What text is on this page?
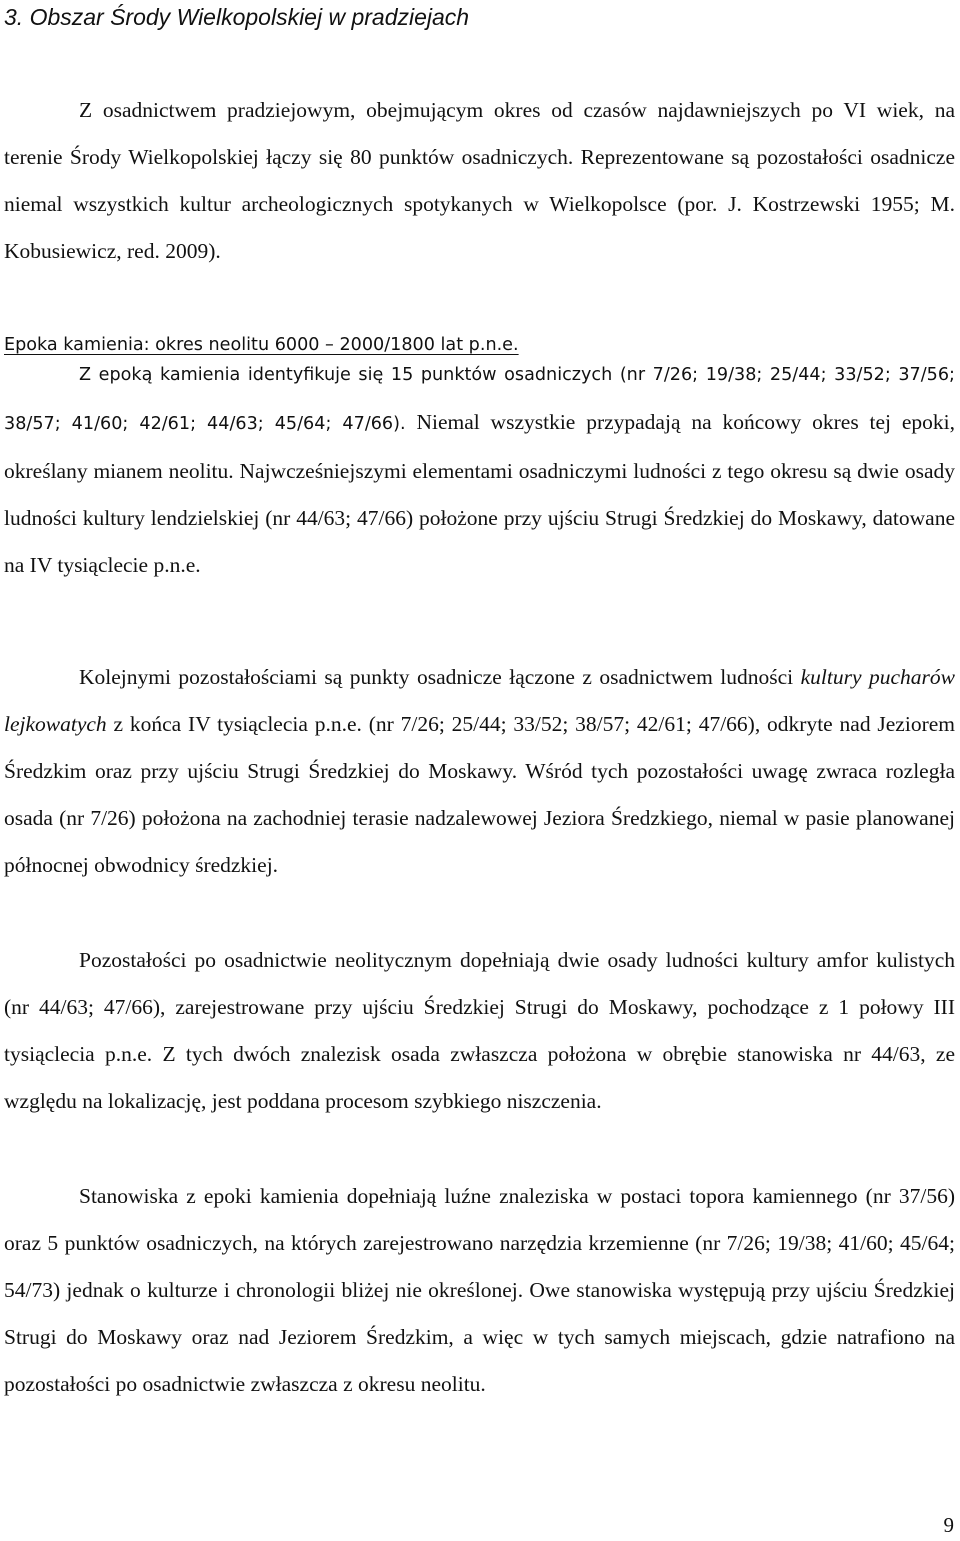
3. Obszar Środy Wielkopolskiej w pradziejach

Z osadnictwem pradziejowym, obejmującym okres od czasów najdawniejszych po VI wiek, na terenie Środy Wielkopolskiej łączy się 80 punktów osadniczych. Reprezentowane są pozostałości osadnicze niemal wszystkich kultur archeologicznych spotykanych w Wielkopolsce (por. J. Kostrzewski 1955; M. Kobusiewicz, red. 2009).

Epoka kamienia: okres neolitu 6000 – 2000/1800 lat p.n.e.

Z epoką kamienia identyfikuje się 15 punktów osadniczych (nr 7/26; 19/38; 25/44; 33/52; 37/56; 38/57; 41/60; 42/61; 44/63; 45/64; 47/66). Niemal wszystkie przypadają na końcowy okres tej epoki, określany mianem neolitu. Najwcześniejszymi elementami osadniczymi ludności z tego okresu są dwie osady ludności kultury lendzielskiej (nr 44/63; 47/66) położone przy ujściu Strugi Średzkiej do Moskawy, datowane na IV tysiąclecie p.n.e.

Kolejnymi pozostałościami są punkty osadnicze łączone z osadnictwem ludności kultury pucharów lejkowatych z końca IV tysiąclecia p.n.e. (nr 7/26; 25/44; 33/52; 38/57; 42/61; 47/66), odkryte nad Jeziorem Średzkim oraz przy ujściu Strugi Średzkiej do Moskawy. Wśród tych pozostałości uwagę zwraca rozległa osada (nr 7/26) położona na zachodniej terasie nadzalewowej Jeziora Średzkiego, niemal w pasie planowanej północnej obwodnicy średzkiej.

Pozostałości po osadnictwie neolitycznym dopełniają dwie osady ludności kultury amfor kulistych (nr 44/63; 47/66), zarejestrowane przy ujściu Średzkiej Strugi do Moskawy, pochodzące z 1 połowy III tysiąclecia p.n.e. Z tych dwóch znalezisk osada zwłaszcza położona w obrębie stanowiska nr 44/63, ze względu na lokalizację, jest poddana procesom szybkiego niszczenia.

Stanowiska z epoki kamienia dopełniają luźne znaleziska w postaci topora kamiennego (nr 37/56) oraz 5 punktów osadniczych, na których zarejestrowano narzędzia krzemienne (nr 7/26; 19/38; 41/60; 45/64; 54/73) jednak o kulturze i chronologii bliżej nie określonej. Owe stanowiska występują przy ujściu Średzkiej Strugi do Moskawy oraz nad Jeziorem Średzkim, a więc w tych samych miejscach, gdzie natrafiono na pozostałości po osadnictwie zwłaszcza z okresu neolitu.

9
